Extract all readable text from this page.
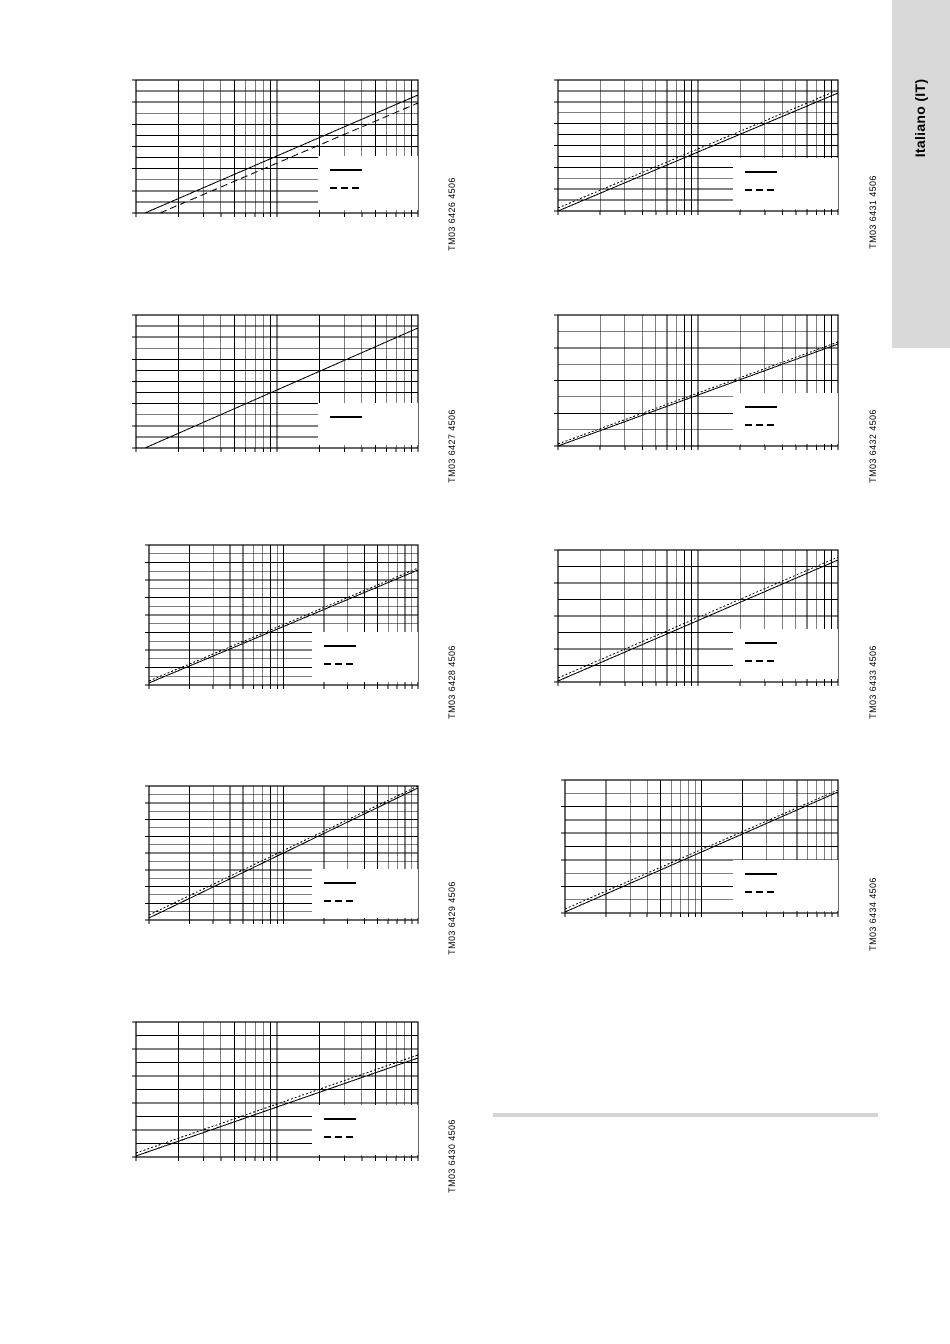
Italiano (IT)
TM03 6426 4506
TM03 6427 4506
TM03 6428 4506
TM03 6429 4506
TM03 6430 4506
TM03 6431 4506
TM03 6432 4506
TM03 6433 4506
TM03 6434 4506
